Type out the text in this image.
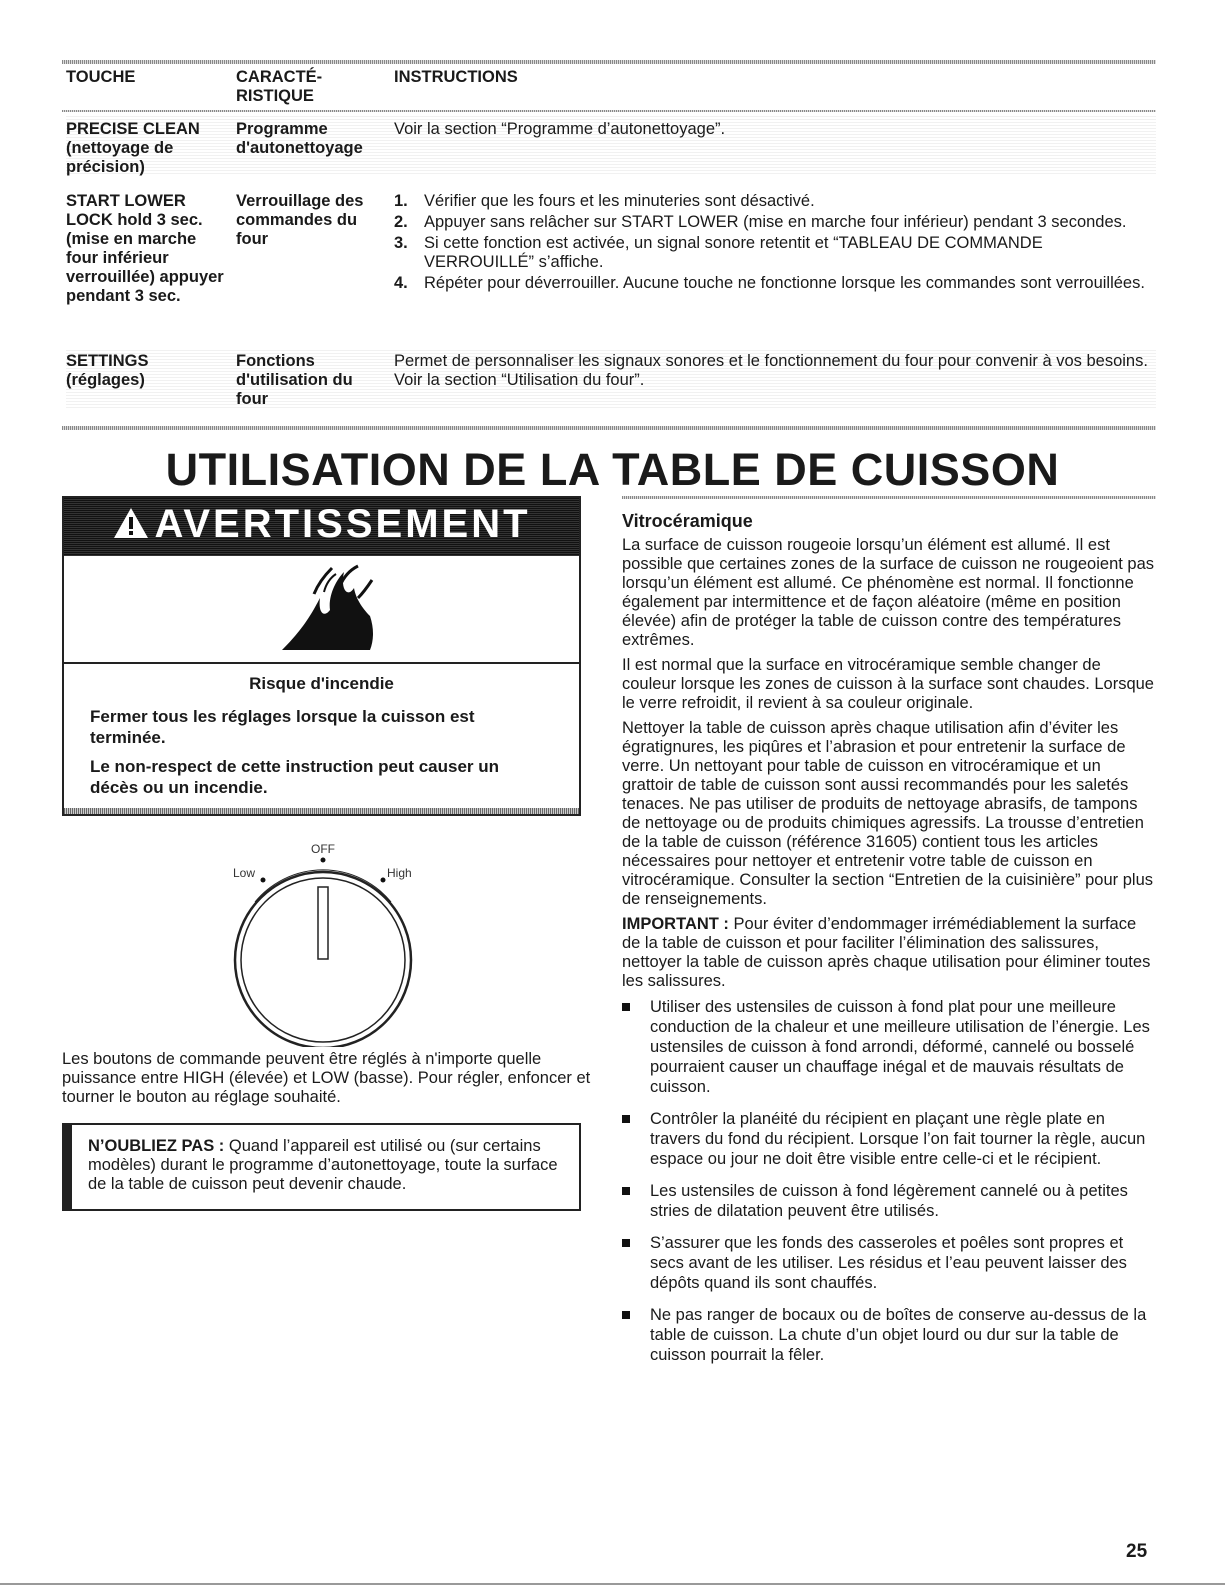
TOUCHE	CARACTÉ-
RISTIQUE
INSTRUCTIONS
PRECISE CLEAN (nettoyage de précision)
Programme d'autonettoyage
Voir la section “Programme d’autonettoyage”.
START LOWER LOCK hold 3 sec. (mise en marche four inférieur verrouillée) appuyer pendant 3 sec.
Verrouillage des commandes du four
1. Vérifier que les fours et les minuteries sont désactivé.
2. Appuyer sans relâcher sur START LOWER (mise en marche four inférieur) pendant 3 secondes.
3. Si cette fonction est activée, un signal sonore retentit et “TABLEAU DE COMMANDE VERROUILLÉ” s’affiche.
4. Répéter pour déverrouiller. Aucune touche ne fonctionne lorsque les commandes sont verrouillées.
SETTINGS (réglages)
Fonctions d'utilisation du four
Permet de personnaliser les signaux sonores et le fonctionnement du four pour convenir à vos besoins. Voir la section “Utilisation du four”.
UTILISATION DE LA TABLE DE CUISSON
AVERTISSEMENT
Risque d'incendie
Fermer tous les réglages lorsque la cuisson est terminée.
Le non-respect de cette instruction peut causer un décès ou un incendie.
OFF
Low	High
Les boutons de commande peuvent être réglés à n'importe quelle puissance entre HIGH (élevée) et LOW (basse). Pour régler, enfoncer et tourner le bouton au réglage souhaité.
N’OUBLIEZ PAS : Quand l’appareil est utilisé ou (sur certains modèles) durant le programme d’autonettoyage, toute la surface de la table de cuisson peut devenir chaude.
Vitrocéramique

La surface de cuisson rougeoie lorsqu’un élément est allumé. Il est possible que certaines zones de la surface de cuisson ne rougeoient pas lorsqu’un élément est allumé. Ce phénomène est normal. Il fonctionne également par intermittence et de façon aléatoire (même en position élevée) afin de protéger la table de cuisson contre des températures extrêmes.

Il est normal que la surface en vitrocéramique semble changer de couleur lorsque les zones de cuisson à la surface sont chaudes. Lorsque le verre refroidit, il revient à sa couleur originale.

Nettoyer la table de cuisson après chaque utilisation afin d’éviter les égratignures, les piqûres et l’abrasion et pour entretenir la surface de verre. Un nettoyant pour table de cuisson en vitrocéramique et un grattoir de table de cuisson sont aussi recommandés pour les saletés tenaces. Ne pas utiliser de produits de nettoyage abrasifs, de tampons de nettoyage ou de produits chimiques agressifs. La trousse d’entretien de la table de cuisson (référence 31605) contient tous les articles nécessaires pour nettoyer et entretenir votre table de cuisson en vitrocéramique. Consulter la section “Entretien de la cuisinière” pour plus de renseignements.

IMPORTANT : Pour éviter d’endommager irrémédiablement la surface de la table de cuisson et pour faciliter l’élimination des salissures, nettoyer la table de cuisson après chaque utilisation pour éliminer toutes les salissures.

Utiliser des ustensiles de cuisson à fond plat pour une meilleure conduction de la chaleur et une meilleure utilisation de l’énergie. Les ustensiles de cuisson à fond arrondi, déformé, cannelé ou bosselé pourraient causer un chauffage inégal et de mauvais résultats de cuisson.
Contrôler la planéité du récipient en plaçant une règle plate en travers du fond du récipient. Lorsque l’on fait tourner la règle, aucun espace ou jour ne doit être visible entre celle-ci et le récipient.
Les ustensiles de cuisson à fond légèrement cannelé ou à petites stries de dilatation peuvent être utilisés.
S’assurer que les fonds des casseroles et poêles sont propres et secs avant de les utiliser. Les résidus et l’eau peuvent laisser des dépôts quand ils sont chauffés.
Ne pas ranger de bocaux ou de boîtes de conserve au-dessus de la table de cuisson. La chute d’un objet lourd ou dur sur la table de cuisson pourrait la fêler.
25
